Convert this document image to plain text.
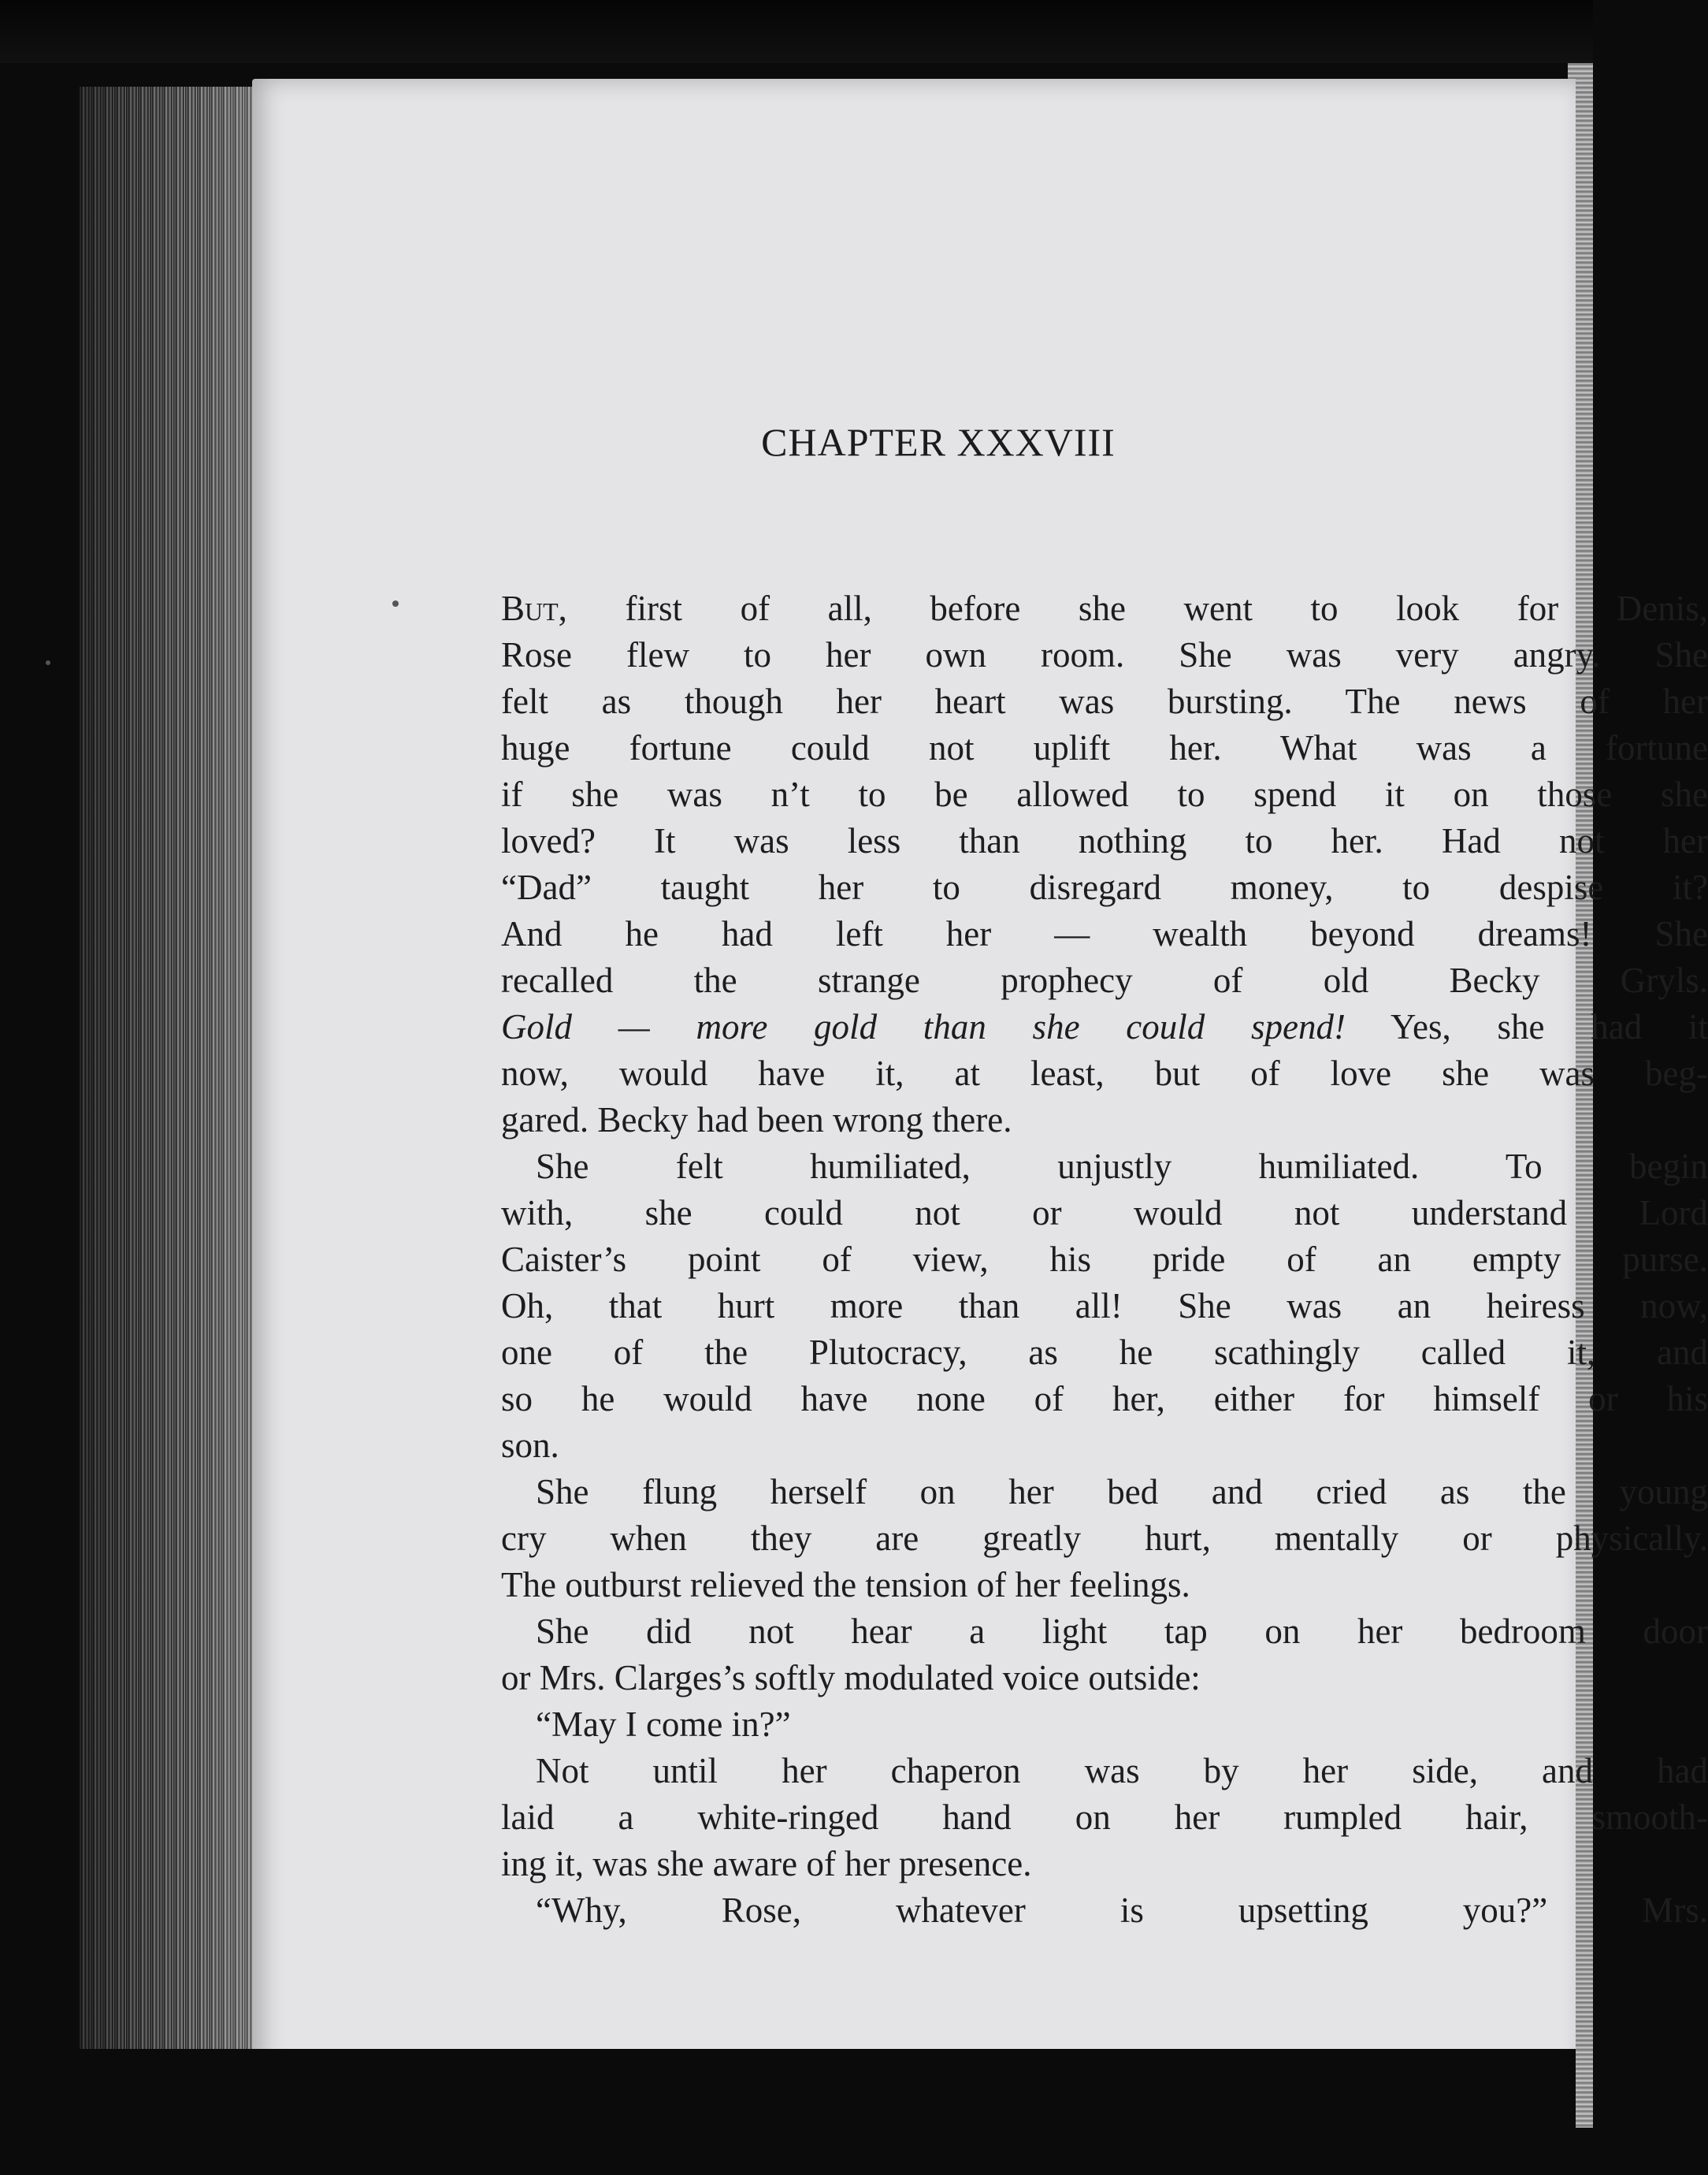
CHAPTER XXXVIII
But, first of all, before she went to look for Denis,
Rose flew to her own room. She was very angry. She
felt as though her heart was bursting. The news of her
huge fortune could not uplift her. What was a fortune
if she was n’t to be allowed to spend it on those she
loved? It was less than nothing to her. Had not her
“Dad” taught her to disregard money, to despise it?
And he had left her — wealth beyond dreams! She
recalled the strange prophecy of old Becky Gryls.
Gold — more gold than she could spend! Yes, she had it
now, would have it, at least, but of love she was beg-
gared. Becky had been wrong there.
She felt humiliated, unjustly humiliated. To begin
with, she could not or would not understand Lord
Caister’s point of view, his pride of an empty purse.
Oh, that hurt more than all! She was an heiress now,
one of the Plutocracy, as he scathingly called it, and
so he would have none of her, either for himself or his
son.
She flung herself on her bed and cried as the young
cry when they are greatly hurt, mentally or physically.
The outburst relieved the tension of her feelings.
She did not hear a light tap on her bedroom door
or Mrs. Clarges’s softly modulated voice outside:
“May I come in?”
Not until her chaperon was by her side, and had
laid a white-ringed hand on her rumpled hair, smooth-
ing it, was she aware of her presence.
“Why, Rose, whatever is upsetting you?” Mrs.
